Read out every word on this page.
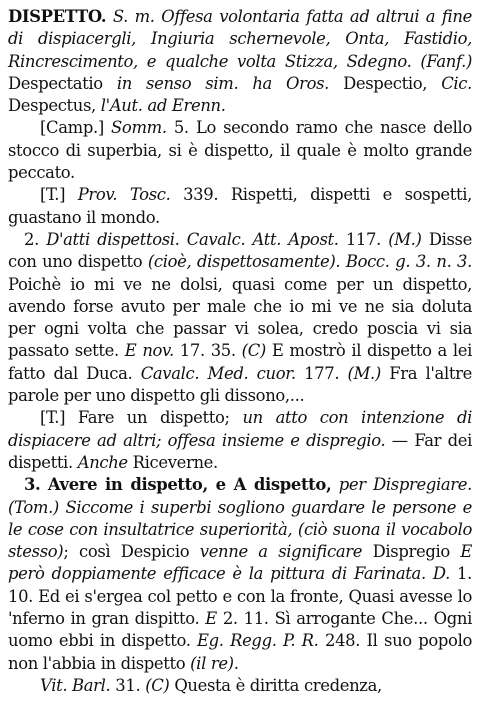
DISPETTO. S. m. Offesa volontaria fatta ad altrui a fine di dispiacergli, Ingiuria schernevole, Onta, Fastidio, Rincrescimento, e qualche volta Stizza, Sdegno. (Fanf.) Despectatio in senso sim. ha Oros. Despectio, Cic. Despectus, l'Aut. ad Erenn.
[Camp.] Somm. 5. Lo secondo ramo che nasce dello stocco di superbia, si è dispetto, il quale è molto grande peccato.
[T.] Prov. Tosc. 339. Rispetti, dispetti e sospetti, guastano il mondo.
2. D'atti dispettosi. Cavalc. Att. Apost. 117. (M.) Disse con uno dispetto (cioè, dispettosamente). Bocc. g. 3. n. 3. Poichè io mi ve ne dolsi, quasi come per un dispetto, avendo forse avuto per male che io mi ve ne sia doluta per ogni volta che passar vi solea, credo poscia vi sia passato sette. E nov. 17. 35. (C) E mostrò il dispetto a lei fatto dal Duca. Cavalc. Med. cuor. 177. (M.) Fra l'altre parole per uno dispetto gli dissono,...
[T.] Fare un dispetto; un atto con intenzione di dispiacere ad altri; offesa insieme e dispregio. — Far dei dispetti. Anche Riceverne.
3. Avere in dispetto, e A dispetto, per Dispregiare. (Tom.) Siccome i superbi sogliono guardare le persone e le cose con insultatrice superiorità, (ciò suona il vocabolo stesso); così Despicio venne a significare Dispregio E però doppiamente efficace è la pittura di Farinata. D. 1. 10. Ed ei s'ergea col petto e con la fronte, Quasi avesse lo 'nferno in gran dispitto. E 2. 11. Sì arrogante Che... Ogni uomo ebbi in dispetto. Eg. Regg. P. R. 248. Il suo popolo non l'abbia in dispetto (il re).
Vit. Barl. 31. (C) Questa è diritta credenza,
